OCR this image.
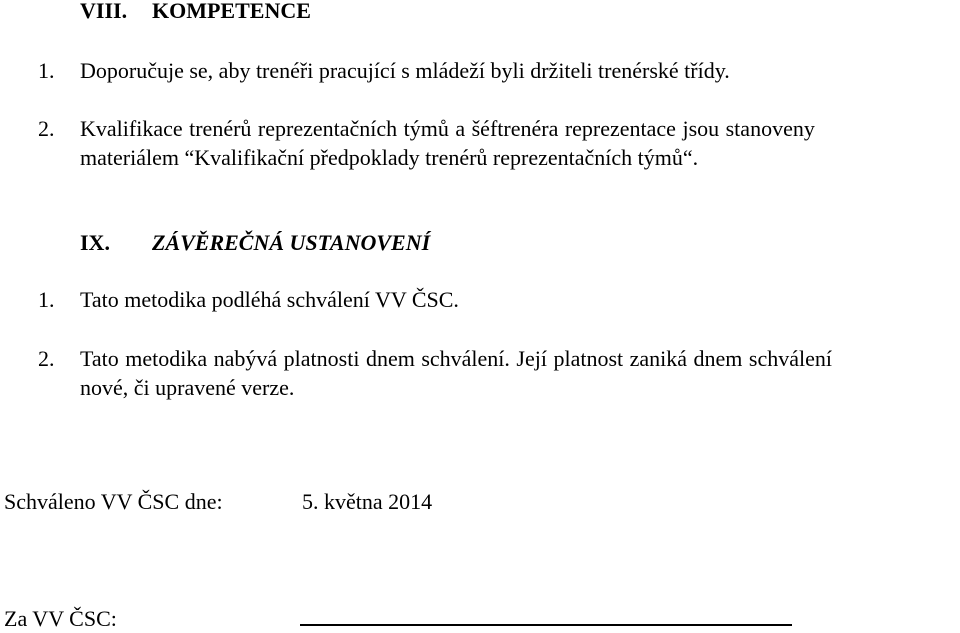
VIII. KOMPETENCE
1. Doporučuje se, aby trenéři pracující s mládeží byli držiteli trenérské třídy.
2. Kvalifikace trenérů reprezentačních týmů a šéftrenéra reprezentace jsou stanoveny
materiálem “Kvalifikační předpoklady trenérů reprezentačních týmů“.
IX. ZÁVĚREČNÁ USTANOVENÍ
1. Tato metodika podléhá schválení VV ČSC.
2. Tato metodika nabývá platnosti dnem schválení. Její platnost zaniká dnem schválení
nové, či upravené verze.
Schváleno VV ČSC dne:	5. května 2014
Za VV ČSC:
